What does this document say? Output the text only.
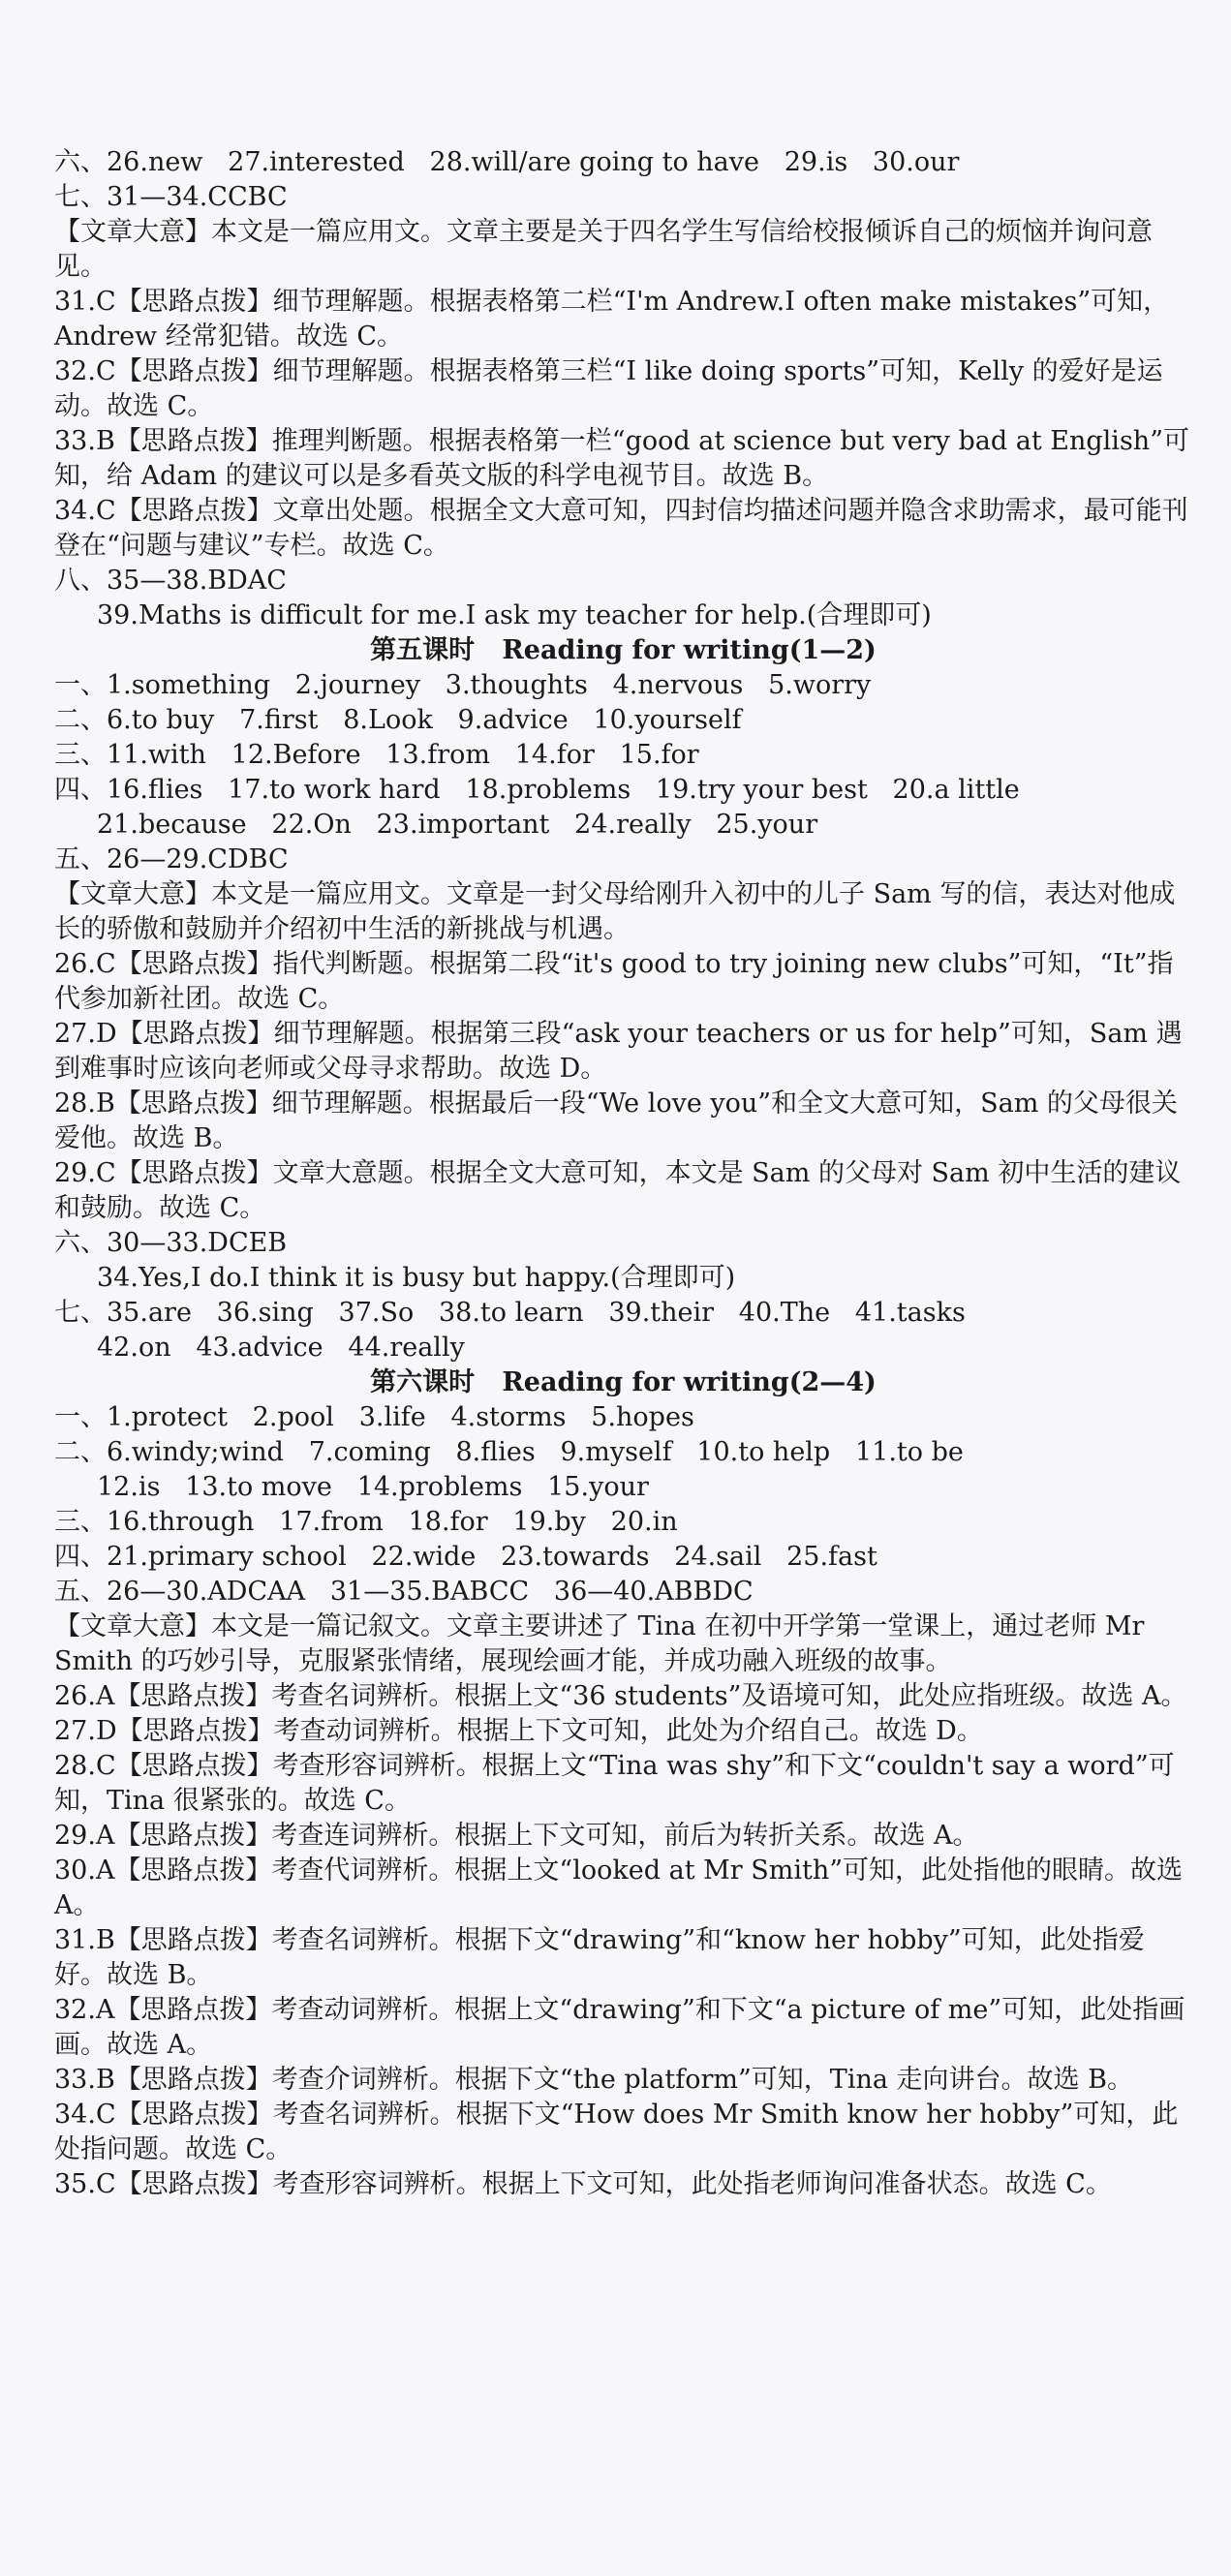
六、26.new   27.interested   28.will/are going to have   29.is   30.our

七、31—34.CCBC

【文章大意】本文是一篇应用文。文章主要是关于四名学生写信给校报倾诉自己的烦恼并询问意见。

31.C【思路点拨】细节理解题。根据表格第二栏“I'm Andrew.I often make mistakes”可知，Andrew 经常犯错。故选 C。

32.C【思路点拨】细节理解题。根据表格第三栏“I like doing sports”可知，Kelly 的爱好是运动。故选 C。

33.B【思路点拨】推理判断题。根据表格第一栏“good at science but very bad at English”可知，给 Adam 的建议可以是多看英文版的科学电视节目。故选 B。

34.C【思路点拨】文章出处题。根据全文大意可知，四封信均描述问题并隐含求助需求，最可能刊登在“问题与建议”专栏。故选 C。

八、35—38.BDAC

39.Maths is difficult for me.I ask my teacher for help.(合理即可)

第五课时   Reading for writing(1—2)

一、1.something   2.journey   3.thoughts   4.nervous   5.worry

二、6.to buy   7.first   8.Look   9.advice   10.yourself

三、11.with   12.Before   13.from   14.for   15.for

四、16.flies   17.to work hard   18.problems   19.try your best   20.a little

21.because   22.On   23.important   24.really   25.your

五、26—29.CDBC

【文章大意】本文是一篇应用文。文章是一封父母给刚升入初中的儿子 Sam 写的信，表达对他成长的骄傲和鼓励并介绍初中生活的新挑战与机遇。

26.C【思路点拨】指代判断题。根据第二段“it's good to try joining new clubs”可知，“It”指代参加新社团。故选 C。

27.D【思路点拨】细节理解题。根据第三段“ask your teachers or us for help”可知，Sam 遇到难事时应该向老师或父母寻求帮助。故选 D。

28.B【思路点拨】细节理解题。根据最后一段“We love you”和全文大意可知，Sam 的父母很关爱他。故选 B。

29.C【思路点拨】文章大意题。根据全文大意可知，本文是 Sam 的父母对 Sam 初中生活的建议和鼓励。故选 C。

六、30—33.DCEB

34.Yes,I do.I think it is busy but happy.(合理即可)

七、35.are   36.sing   37.So   38.to learn   39.their   40.The   41.tasks

42.on   43.advice   44.really

第六课时   Reading for writing(2—4)

一、1.protect   2.pool   3.life   4.storms   5.hopes

二、6.windy;wind   7.coming   8.flies   9.myself   10.to help   11.to be

12.is   13.to move   14.problems   15.your

三、16.through   17.from   18.for   19.by   20.in

四、21.primary school   22.wide   23.towards   24.sail   25.fast

五、26—30.ADCAA   31—35.BABCC   36—40.ABBDC

【文章大意】本文是一篇记叙文。文章主要讲述了 Tina 在初中开学第一堂课上，通过老师 Mr Smith 的巧妙引导，克服紧张情绪，展现绘画才能，并成功融入班级的故事。

26.A【思路点拨】考查名词辨析。根据上文“36 students”及语境可知，此处应指班级。故选 A。

27.D【思路点拨】考查动词辨析。根据上下文可知，此处为介绍自己。故选 D。

28.C【思路点拨】考查形容词辨析。根据上文“Tina was shy”和下文“couldn't say a word”可知，Tina 很紧张的。故选 C。

29.A【思路点拨】考查连词辨析。根据上下文可知，前后为转折关系。故选 A。

30.A【思路点拨】考查代词辨析。根据上文“looked at Mr Smith”可知，此处指他的眼睛。故选 A。

31.B【思路点拨】考查名词辨析。根据下文“drawing”和“know her hobby”可知，此处指爱好。故选 B。

32.A【思路点拨】考查动词辨析。根据上文“drawing”和下文“a picture of me”可知，此处指画画。故选 A。

33.B【思路点拨】考查介词辨析。根据下文“the platform”可知，Tina 走向讲台。故选 B。

34.C【思路点拨】考查名词辨析。根据下文“How does Mr Smith know her hobby”可知，此处指问题。故选 C。

35.C【思路点拨】考查形容词辨析。根据上下文可知，此处指老师询问准备状态。故选 C。
